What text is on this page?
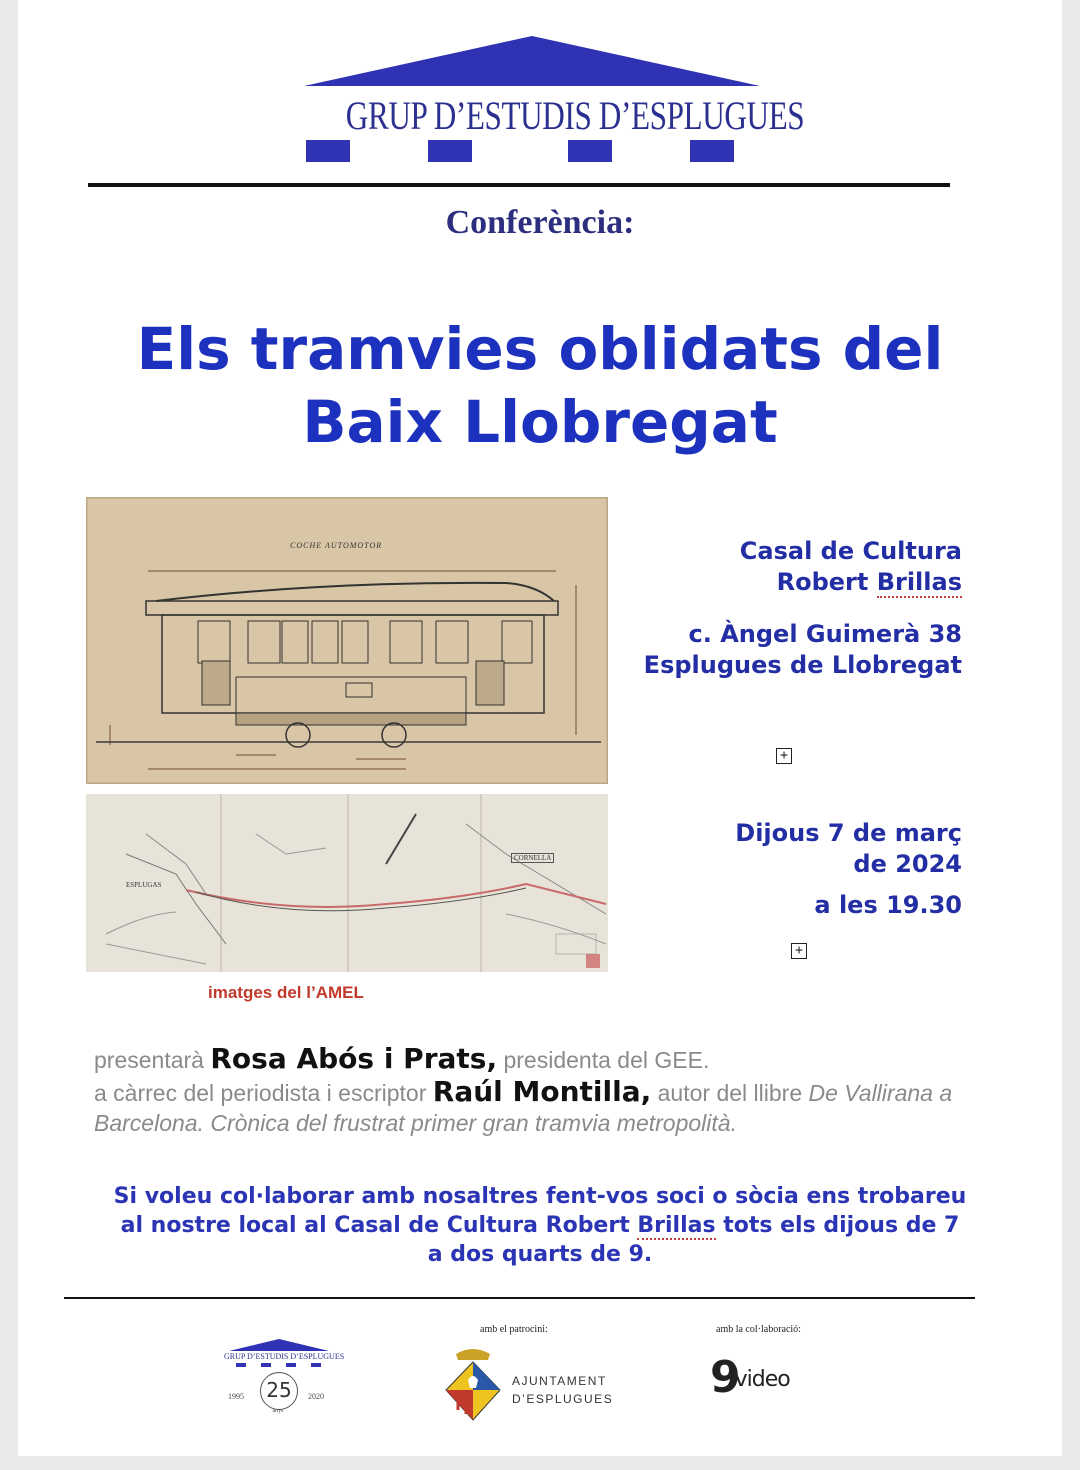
GRUP D’ESTUDIS D’ESPLUGUES
Conferència:
Els tramvies oblidats del
Baix Llobregat
COCHE AUTOMOTOR
ESPLUGAS
CORNELLA
imatges del l’AMEL
Casal de Cultura
Robert Brillas
c. Àngel Guimerà 38
Esplugues de Llobregat
+
Dijous 7 de març
de 2024
a les 19.30
+
presentarà Rosa Abós i Prats, presidenta del GEE.
a càrrec del periodista i escriptor Raúl Montilla, autor del llibre De Vallirana a Barcelona. Crònica del frustrat primer gran tramvia metropolità.
Si voleu col·laborar amb nosaltres fent-vos soci o sòcia ens trobareu
al nostre local al Casal de Cultura Robert Brillas tots els dijous de 7
a dos quarts de 9.
GRUP D’ESTUDIS D’ESPLUGUES
25
1995	2020
anys
amb el patrocini:
AJUNTAMENT
D’ESPLUGUES
amb la col·laboració:
9video
